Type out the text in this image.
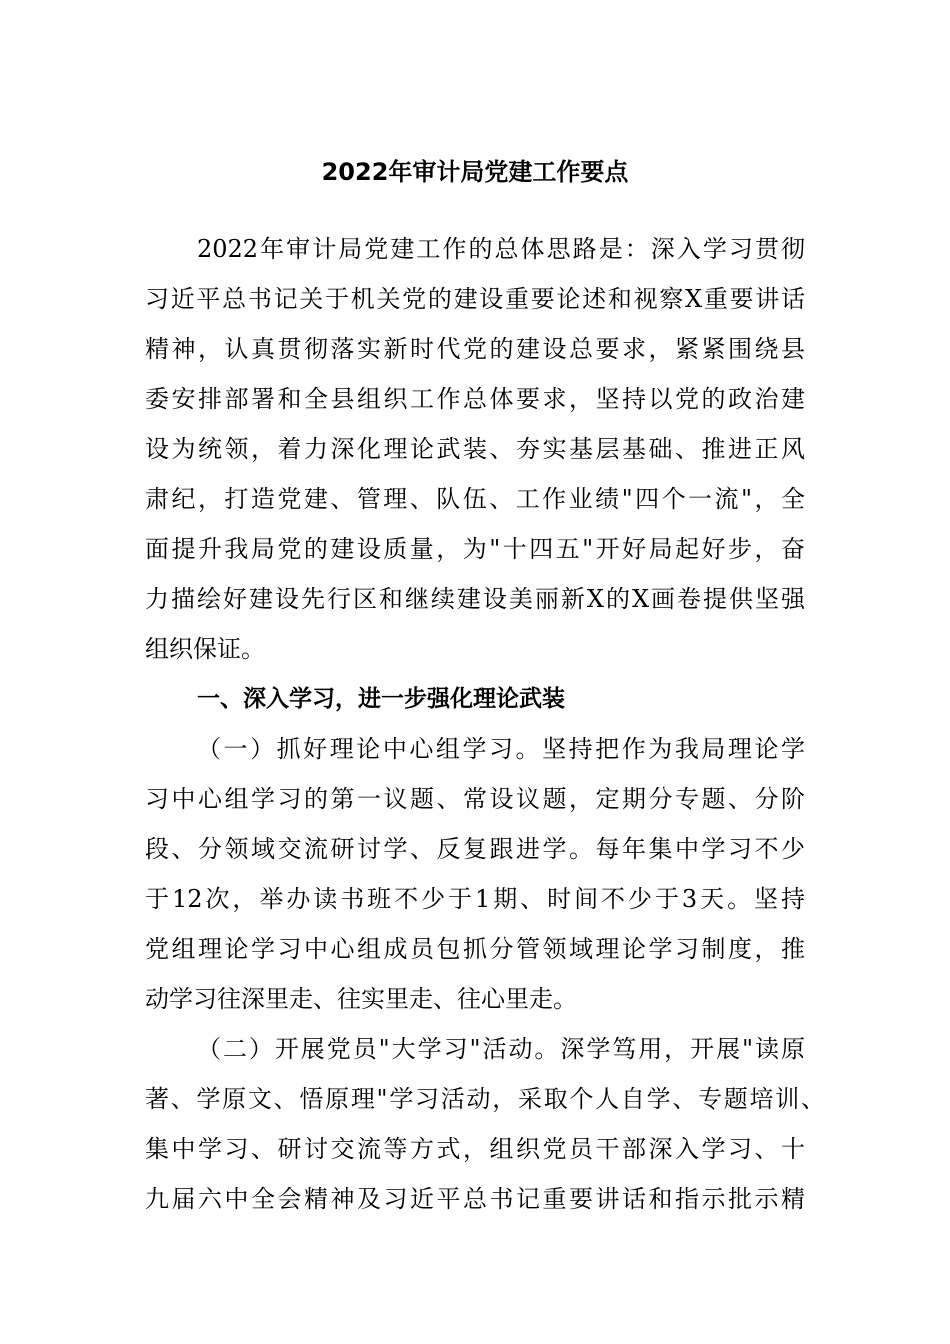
2022年审计局党建工作要点

2022年审计局党建工作的总体思路是：深入学习贯彻

习近平总书记关于机关党的建设重要论述和视察X重要讲话

精神，认真贯彻落实新时代党的建设总要求，紧紧围绕县

委安排部署和全县组织工作总体要求，坚持以党的政治建

设为统领，着力深化理论武装、夯实基层基础、推进正风

肃纪，打造党建、管理、队伍、工作业绩"四个一流"，全

面提升我局党的建设质量，为"十四五"开好局起好步，奋

力描绘好建设先行区和继续建设美丽新X的X画卷提供坚强

组织保证。

一、深入学习，进一步强化理论武装

（一）抓好理论中心组学习。坚持把作为我局理论学

习中心组学习的第一议题、常设议题，定期分专题、分阶

段、分领域交流研讨学、反复跟进学。每年集中学习不少

于12次，举办读书班不少于1期、时间不少于3天。坚持

党组理论学习中心组成员包抓分管领域理论学习制度，推

动学习往深里走、往实里走、往心里走。

（二）开展党员"大学习"活动。深学笃用，开展"读原

著、学原文、悟原理"学习活动，采取个人自学、专题培训、

集中学习、研讨交流等方式，组织党员干部深入学习、十

九届六中全会精神及习近平总书记重要讲话和指示批示精
